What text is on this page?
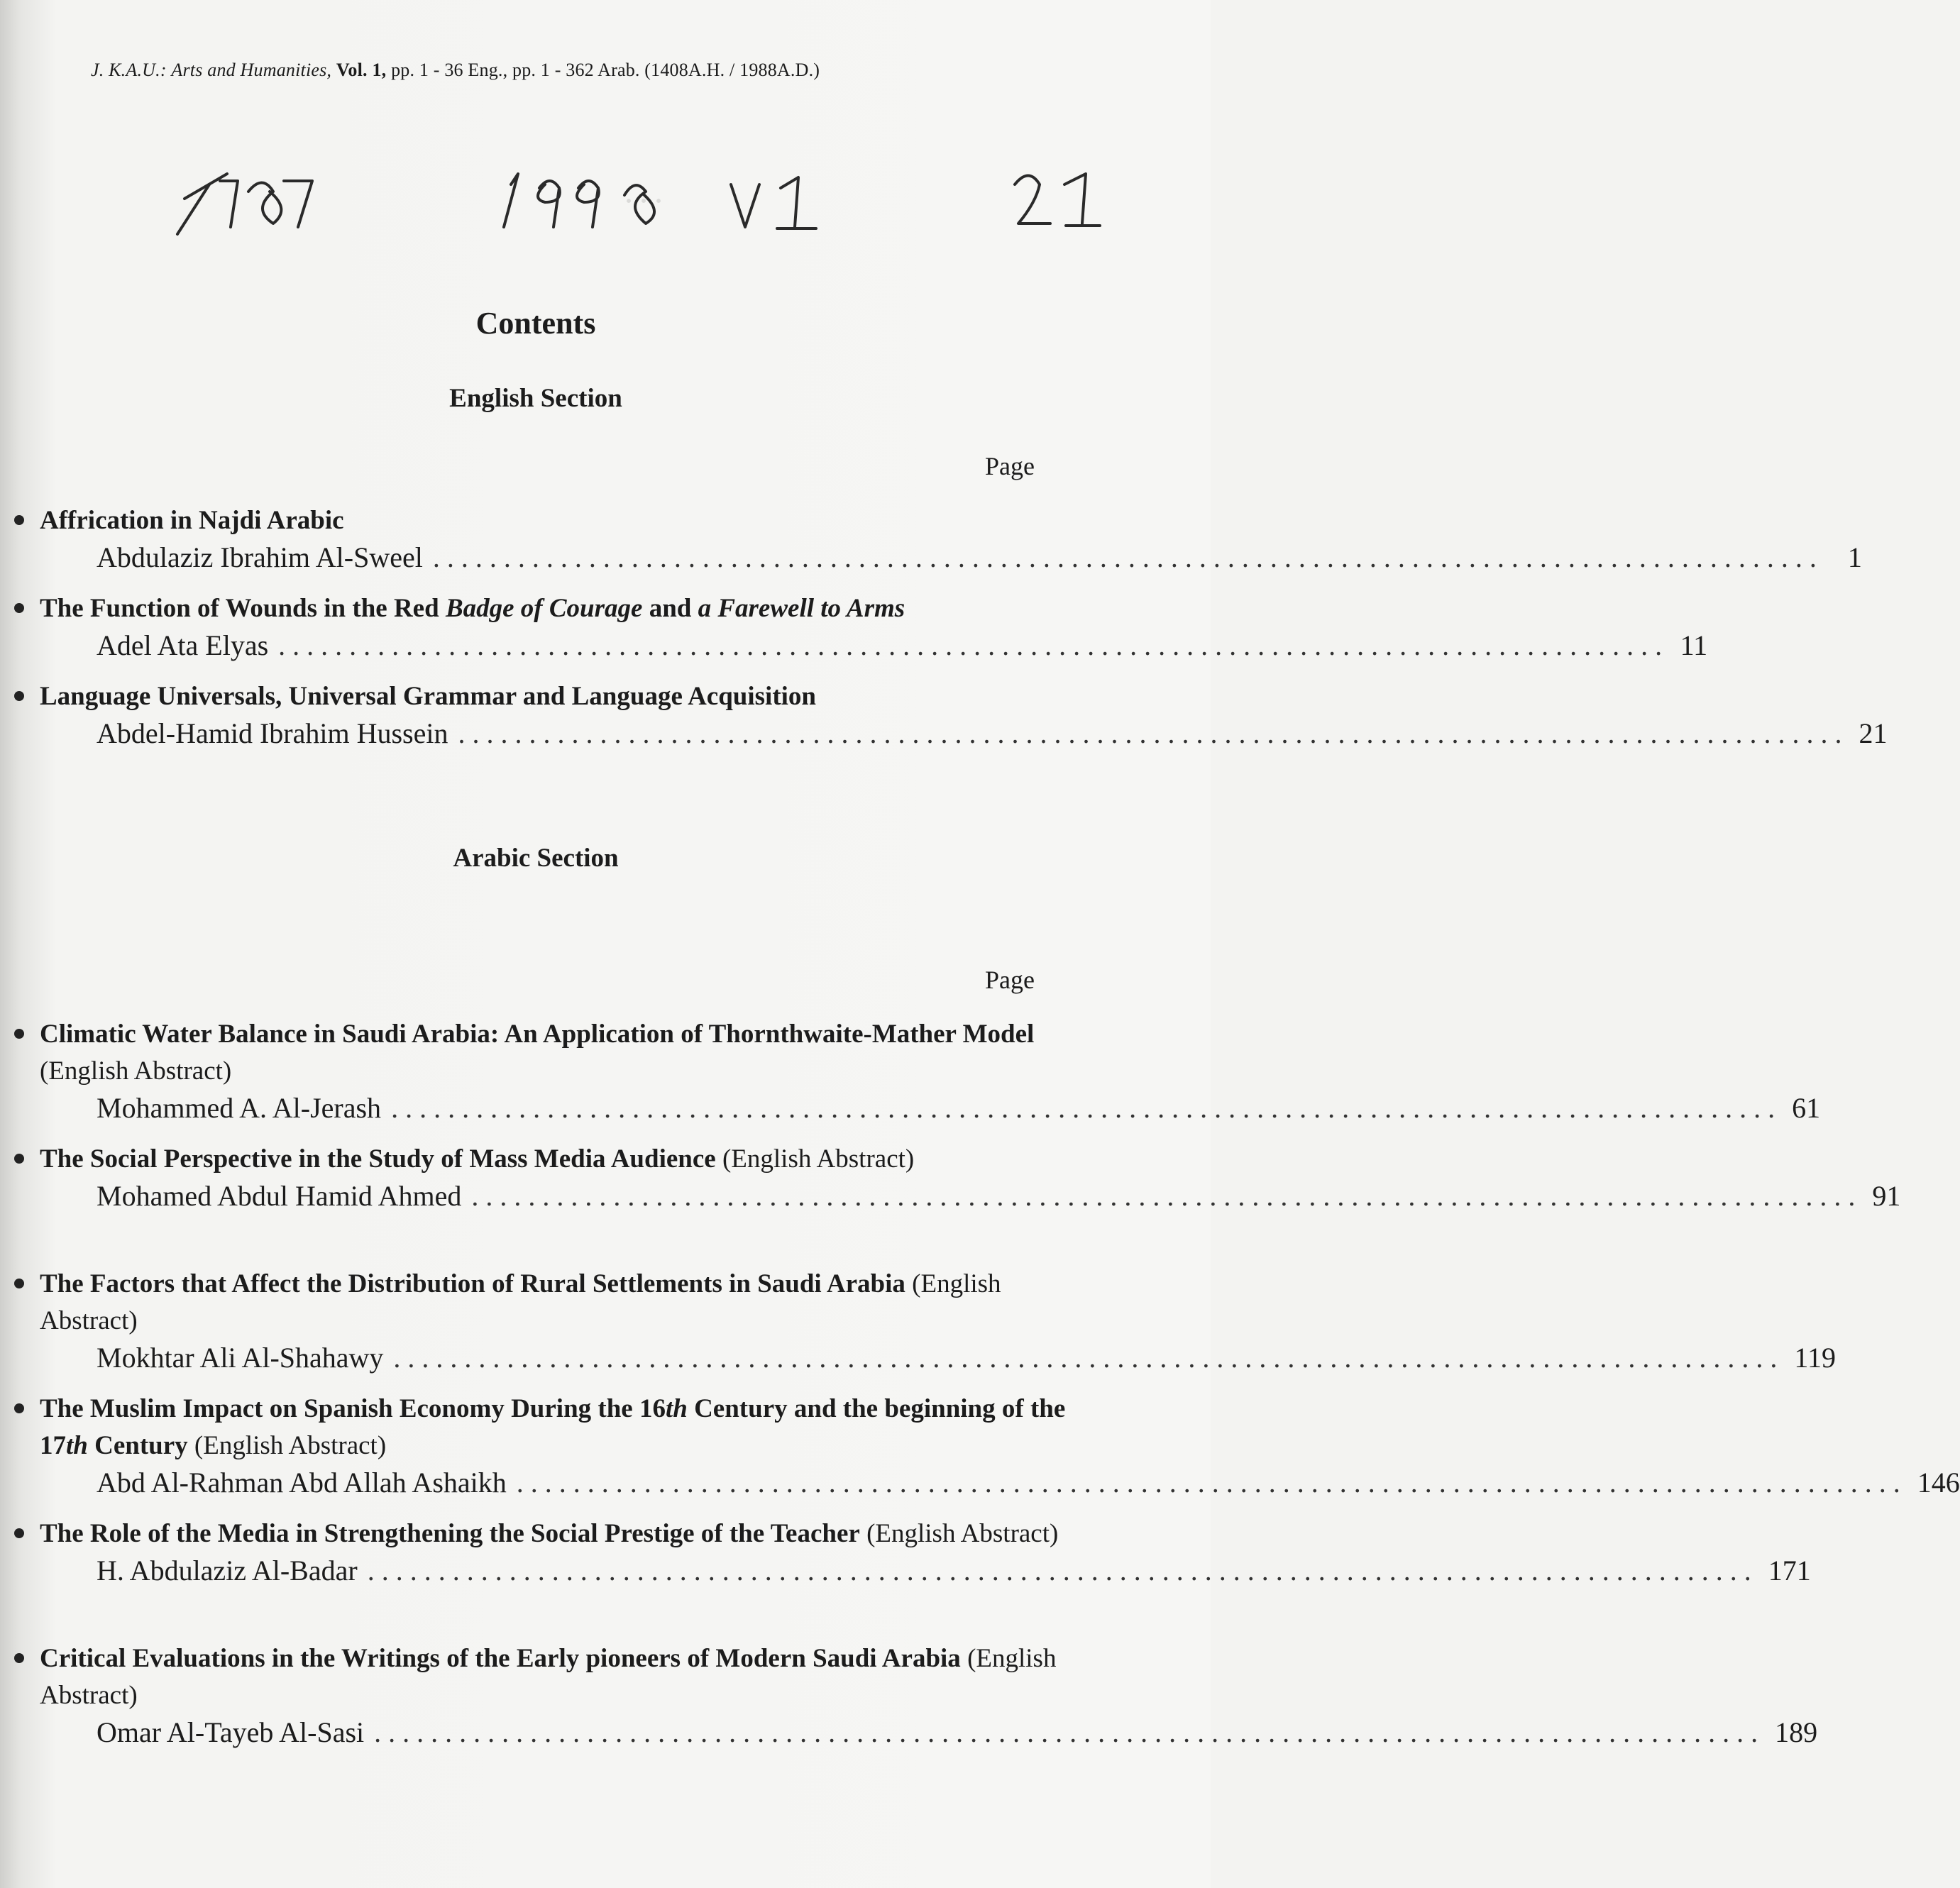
· · ·
J. K.A.U.: Arts and Humanities, Vol. 1, pp. 1 - 36 Eng., pp. 1 - 362 Arab. (1408A.H. / 1988A.D.)
Contents
English Section
Page
Affrication in Najdi Arabic
Abdulaziz Ibrahim Al-Sweel .................................................................................................. 1
The Function of Wounds in the Red Badge of Courage and a Farewell to Arms
Adel Ata Elyas .................................................................................................. 11
Language Universals, Universal Grammar and Language Acquisition
Abdel-Hamid Ibrahim Hussein .................................................................................................. 21
Arabic Section
Page
Climatic Water Balance in Saudi Arabia: An Application of Thornthwaite-Mather Model (English Abstract)
Mohammed A. Al-Jerash .................................................................................................. 61
The Social Perspective in the Study of Mass Media Audience (English Abstract)
Mohamed Abdul Hamid Ahmed .................................................................................................. 91
The Factors that Affect the Distribution of Rural Settlements in Saudi Arabia (English Abstract)
Mokhtar Ali Al-Shahawy .................................................................................................. 119
The Muslim Impact on Spanish Economy During the 16th Century and the beginning of the 17th Century (English Abstract)
Abd Al-Rahman Abd Allah Ashaikh .................................................................................................. 146
The Role of the Media in Strengthening the Social Prestige of the Teacher (English Abstract)
H. Abdulaziz Al-Badar .................................................................................................. 171
Critical Evaluations in the Writings of the Early pioneers of Modern Saudi Arabia (English Abstract)
Omar Al-Tayeb Al-Sasi .................................................................................................. 189
